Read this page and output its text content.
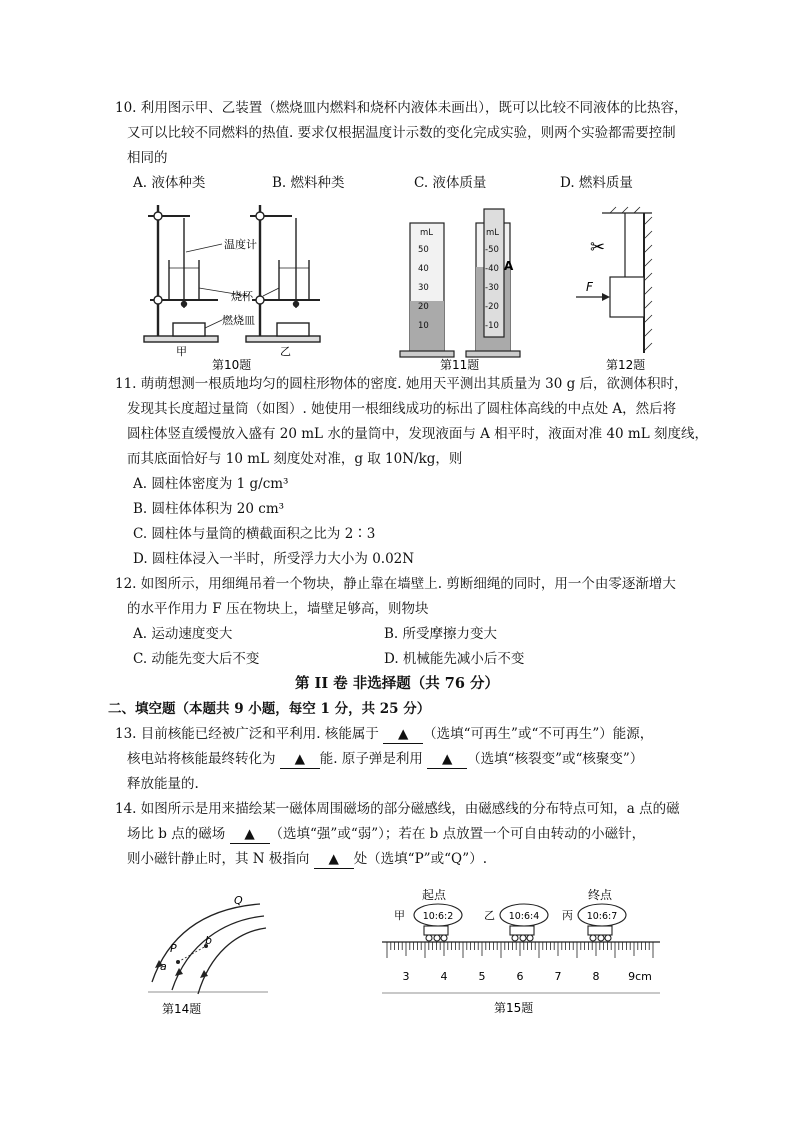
10. 利用图示甲、乙装置（燃烧皿内燃料和烧杯内液体未画出），既可以比较不同液体的比热容，
又可以比较不同燃料的热值. 要求仅根据温度计示数的变化完成实验，则两个实验都需要控制
相同的
A. 液体种类	B. 燃料种类	C. 液体质量	D. 燃料质量
温度计
烧杯
燃烧皿
甲	乙
第10题
mL
50
40
30
20
10
mL
-50
-40
-30
-20
-10
A
第11题
✂
F
第12题
11. 萌萌想测一根质地均匀的圆柱形物体的密度. 她用天平测出其质量为 30 g 后，欲测体积时，
发现其长度超过量筒（如图）. 她使用一根细线成功的标出了圆柱体高线的中点处 A，然后将
圆柱体竖直缓慢放入盛有 20 mL 水的量筒中，发现液面与 A 相平时，液面对准 40 mL 刻度线，
而其底面恰好与 10 mL 刻度处对准，g 取 10N/kg，则
A. 圆柱体密度为 1 g/cm³
B. 圆柱体体积为 20 cm³
C. 圆柱体与量筒的横截面积之比为 2∶3
D. 圆柱体浸入一半时，所受浮力大小为 0.02N
12. 如图所示，用细绳吊着一个物块，静止靠在墙壁上. 剪断细绳的同时，用一个由零逐渐增大
的水平作用力 F 压在物块上，墙壁足够高，则物块
A. 运动速度变大	B. 所受摩擦力变大
C. 动能先变大后不变	D. 机械能先减小后不变
第 II 卷 非选择题（共 76 分）
二、填空题（本题共 9 小题，每空 1 分，共 25 分）
13. 目前核能已经被广泛和平利用. 核能属于 ▲ （选填“可再生”或“不可再生”）能源，
核电站将核能最终转化为 ▲ 能. 原子弹是利用 ▲ （选填“核裂变”或“核聚变”）
释放能量的.
14. 如图所示是用来描绘某一磁体周围磁场的部分磁感线，由磁感线的分布特点可知，a 点的磁
场比 b 点的磁场 ▲ （选填“强”或“弱”）；若在 b 点放置一个可自由转动的小磁针，
则小磁针静止时，其 N 极指向 ▲ 处（选填“P”或“Q”）.
Q
P
b
a
第14题
起点	终点
甲	乙	丙
10:6:2	10:6:4	10:6:7
3	4	5	6	7	8	9cm
第15题
